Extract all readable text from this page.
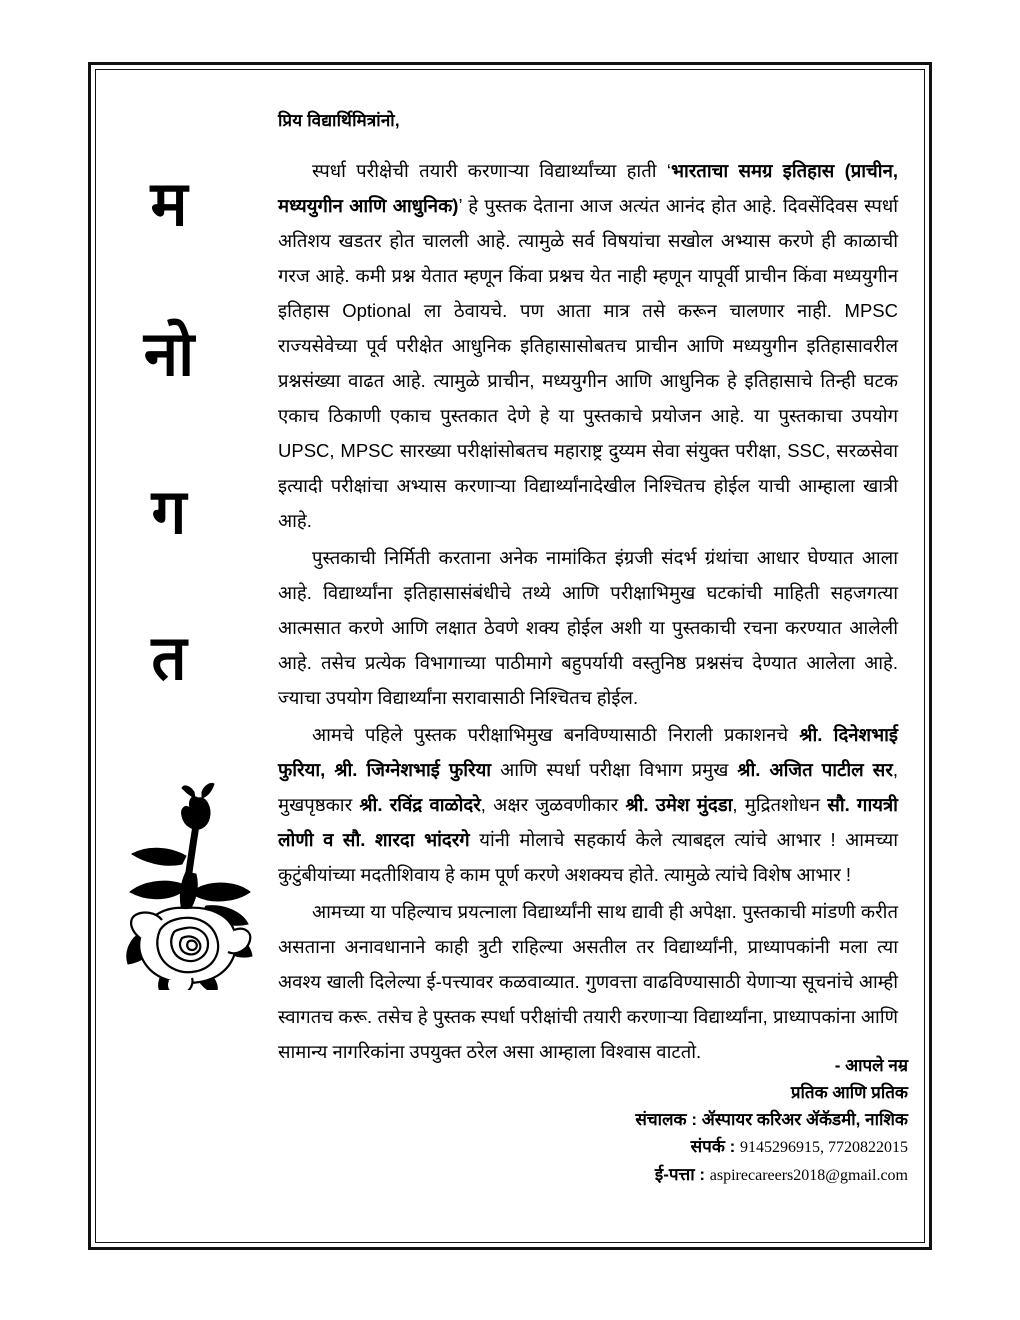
म
नो
ग
त
प्रिय विद्यार्थिमित्रांनो,

स्पर्धा परीक्षेची तयारी करणाऱ्या विद्यार्थ्यांच्या हाती ‘भारताचा समग्र इतिहास (प्राचीन, मध्ययुगीन आणि आधुनिक)’ हे पुस्तक देताना आज अत्यंत आनंद होत आहे. दिवसेंदिवस स्पर्धा अतिशय खडतर होत चालली आहे. त्यामुळे सर्व विषयांचा सखोल अभ्यास करणे ही काळाची गरज आहे. कमी प्रश्न येतात म्हणून किंवा प्रश्नच येत नाही म्हणून यापूर्वी प्राचीन किंवा मध्ययुगीन इतिहास Optional ला ठेवायचे. पण आता मात्र तसे करून चालणार नाही. MPSC राज्यसेवेच्या पूर्व परीक्षेत आधुनिक इतिहासासोबतच प्राचीन आणि मध्ययुगीन इतिहासावरील प्रश्नसंख्या वाढत आहे. त्यामुळे प्राचीन, मध्ययुगीन आणि आधुनिक हे इतिहासाचे तिन्ही घटक एकाच ठिकाणी एकाच पुस्तकात देणे हे या पुस्तकाचे प्रयोजन आहे. या पुस्तकाचा उपयोग UPSC, MPSC सारख्या परीक्षांसोबतच महाराष्ट्र दुय्यम सेवा संयुक्त परीक्षा, SSC, सरळसेवा इत्यादी परीक्षांचा अभ्यास करणाऱ्या विद्यार्थ्यांनादेखील निश्चितच होईल याची आम्हाला खात्री आहे.

पुस्तकाची निर्मिती करताना अनेक नामांकित इंग्रजी संदर्भ ग्रंथांचा आधार घेण्यात आला आहे. विद्यार्थ्यांना इतिहासासंबंधीचे तथ्ये आणि परीक्षाभिमुख घटकांची माहिती सहजगत्या आत्मसात करणे आणि लक्षात ठेवणे शक्य होईल अशी या पुस्तकाची रचना करण्यात आलेली आहे. तसेच प्रत्येक विभागाच्या पाठीमागे बहुपर्यायी वस्तुनिष्ठ प्रश्नसंच देण्यात आलेला आहे. ज्याचा उपयोग विद्यार्थ्यांना सरावासाठी निश्चितच होईल.

आमचे पहिले पुस्तक परीक्षाभिमुख बनविण्यासाठी निराली प्रकाशनचे श्री. दिनेशभाई फुरिया, श्री. जिग्नेशभाई फुरिया आणि स्पर्धा परीक्षा विभाग प्रमुख श्री. अजित पाटील सर, मुखपृष्ठकार श्री. रविंद्र वाळोदरे, अक्षर जुळवणीकार श्री. उमेश मुंदडा, मुद्रितशोधन सौ. गायत्री लोणी व सौ. शारदा भांदरगे यांनी मोलाचे सहकार्य केले त्याबद्दल त्यांचे आभार ! आमच्या कुटुंबीयांच्या मदतीशिवाय हे काम पूर्ण करणे अशक्यच होते. त्यामुळे त्यांचे विशेष आभार !

आमच्या या पहिल्याच प्रयत्नाला विद्यार्थ्यांनी साथ द्यावी ही अपेक्षा. पुस्तकाची मांडणी करीत असताना अनावधानाने काही त्रुटी राहिल्या असतील तर विद्यार्थ्यांनी, प्राध्यापकांनी मला त्या अवश्य खाली दिलेल्या ई-पत्त्यावर कळवाव्यात. गुणवत्ता वाढविण्यासाठी येणाऱ्या सूचनांचे आम्ही स्वागतच करू. तसेच हे पुस्तक स्पर्धा परीक्षांची तयारी करणाऱ्या विद्यार्थ्यांना, प्राध्यापकांना आणि सामान्य नागरिकांना उपयुक्त ठरेल असा आम्हाला विश्वास वाटतो.

- आपले नम्र
प्रतिक आणि प्रतिक
संचालक : ॲस्पायर करिअर ॲकॅडमी, नाशिक
संपर्क : 9145296915, 7720822015
ई-पत्ता : aspirecareers2018@gmail.com
